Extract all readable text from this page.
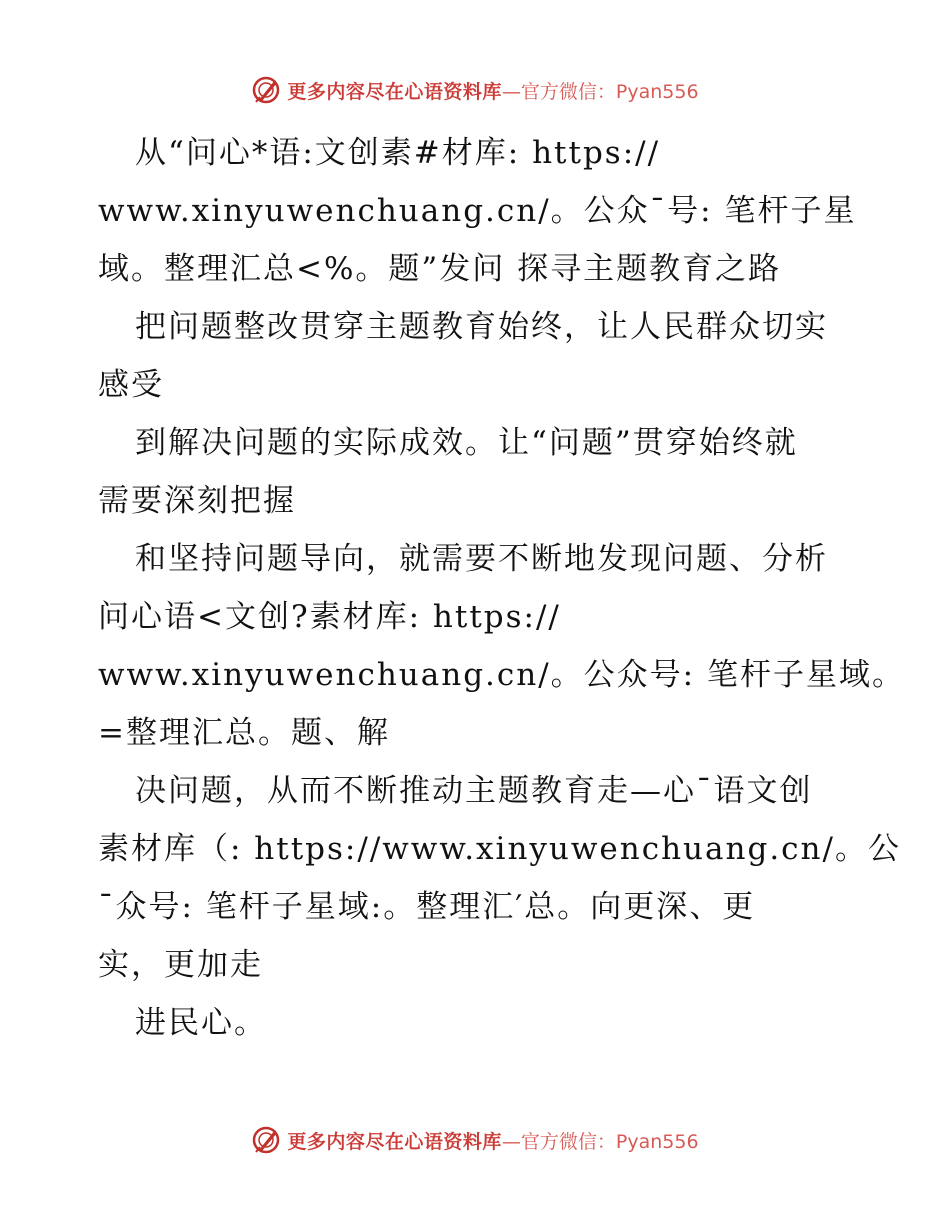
更多内容尽在心语资料库 —官方微信：Pyan556
从“问心*语:文创素#材库: https://
www.xinyuwenchuang.cn/。公众¯号: 笔杆子星
域。整理汇总<%。题”发问 探寻主题教育之路
把问题整改贯穿主题教育始终，让人民群众切实
感受
到解决问题的实际成效。让“问题”贯穿始终就
需要深刻把握
和坚持问题导向，就需要不断地发现问题、分析
问心语<文创?素材库: https://
www.xinyuwenchuang.cn/。公众号: 笔杆子星域。
=整理汇总。题、解
决问题，从而不断推动主题教育走—心¯语文创
素材库（: https://www.xinyuwenchuang.cn/。公
¯众号: 笔杆子星域:。整理汇′总。向更深、更
实，更加走
进民心。
更多内容尽在心语资料库 —官方微信：Pyan556
